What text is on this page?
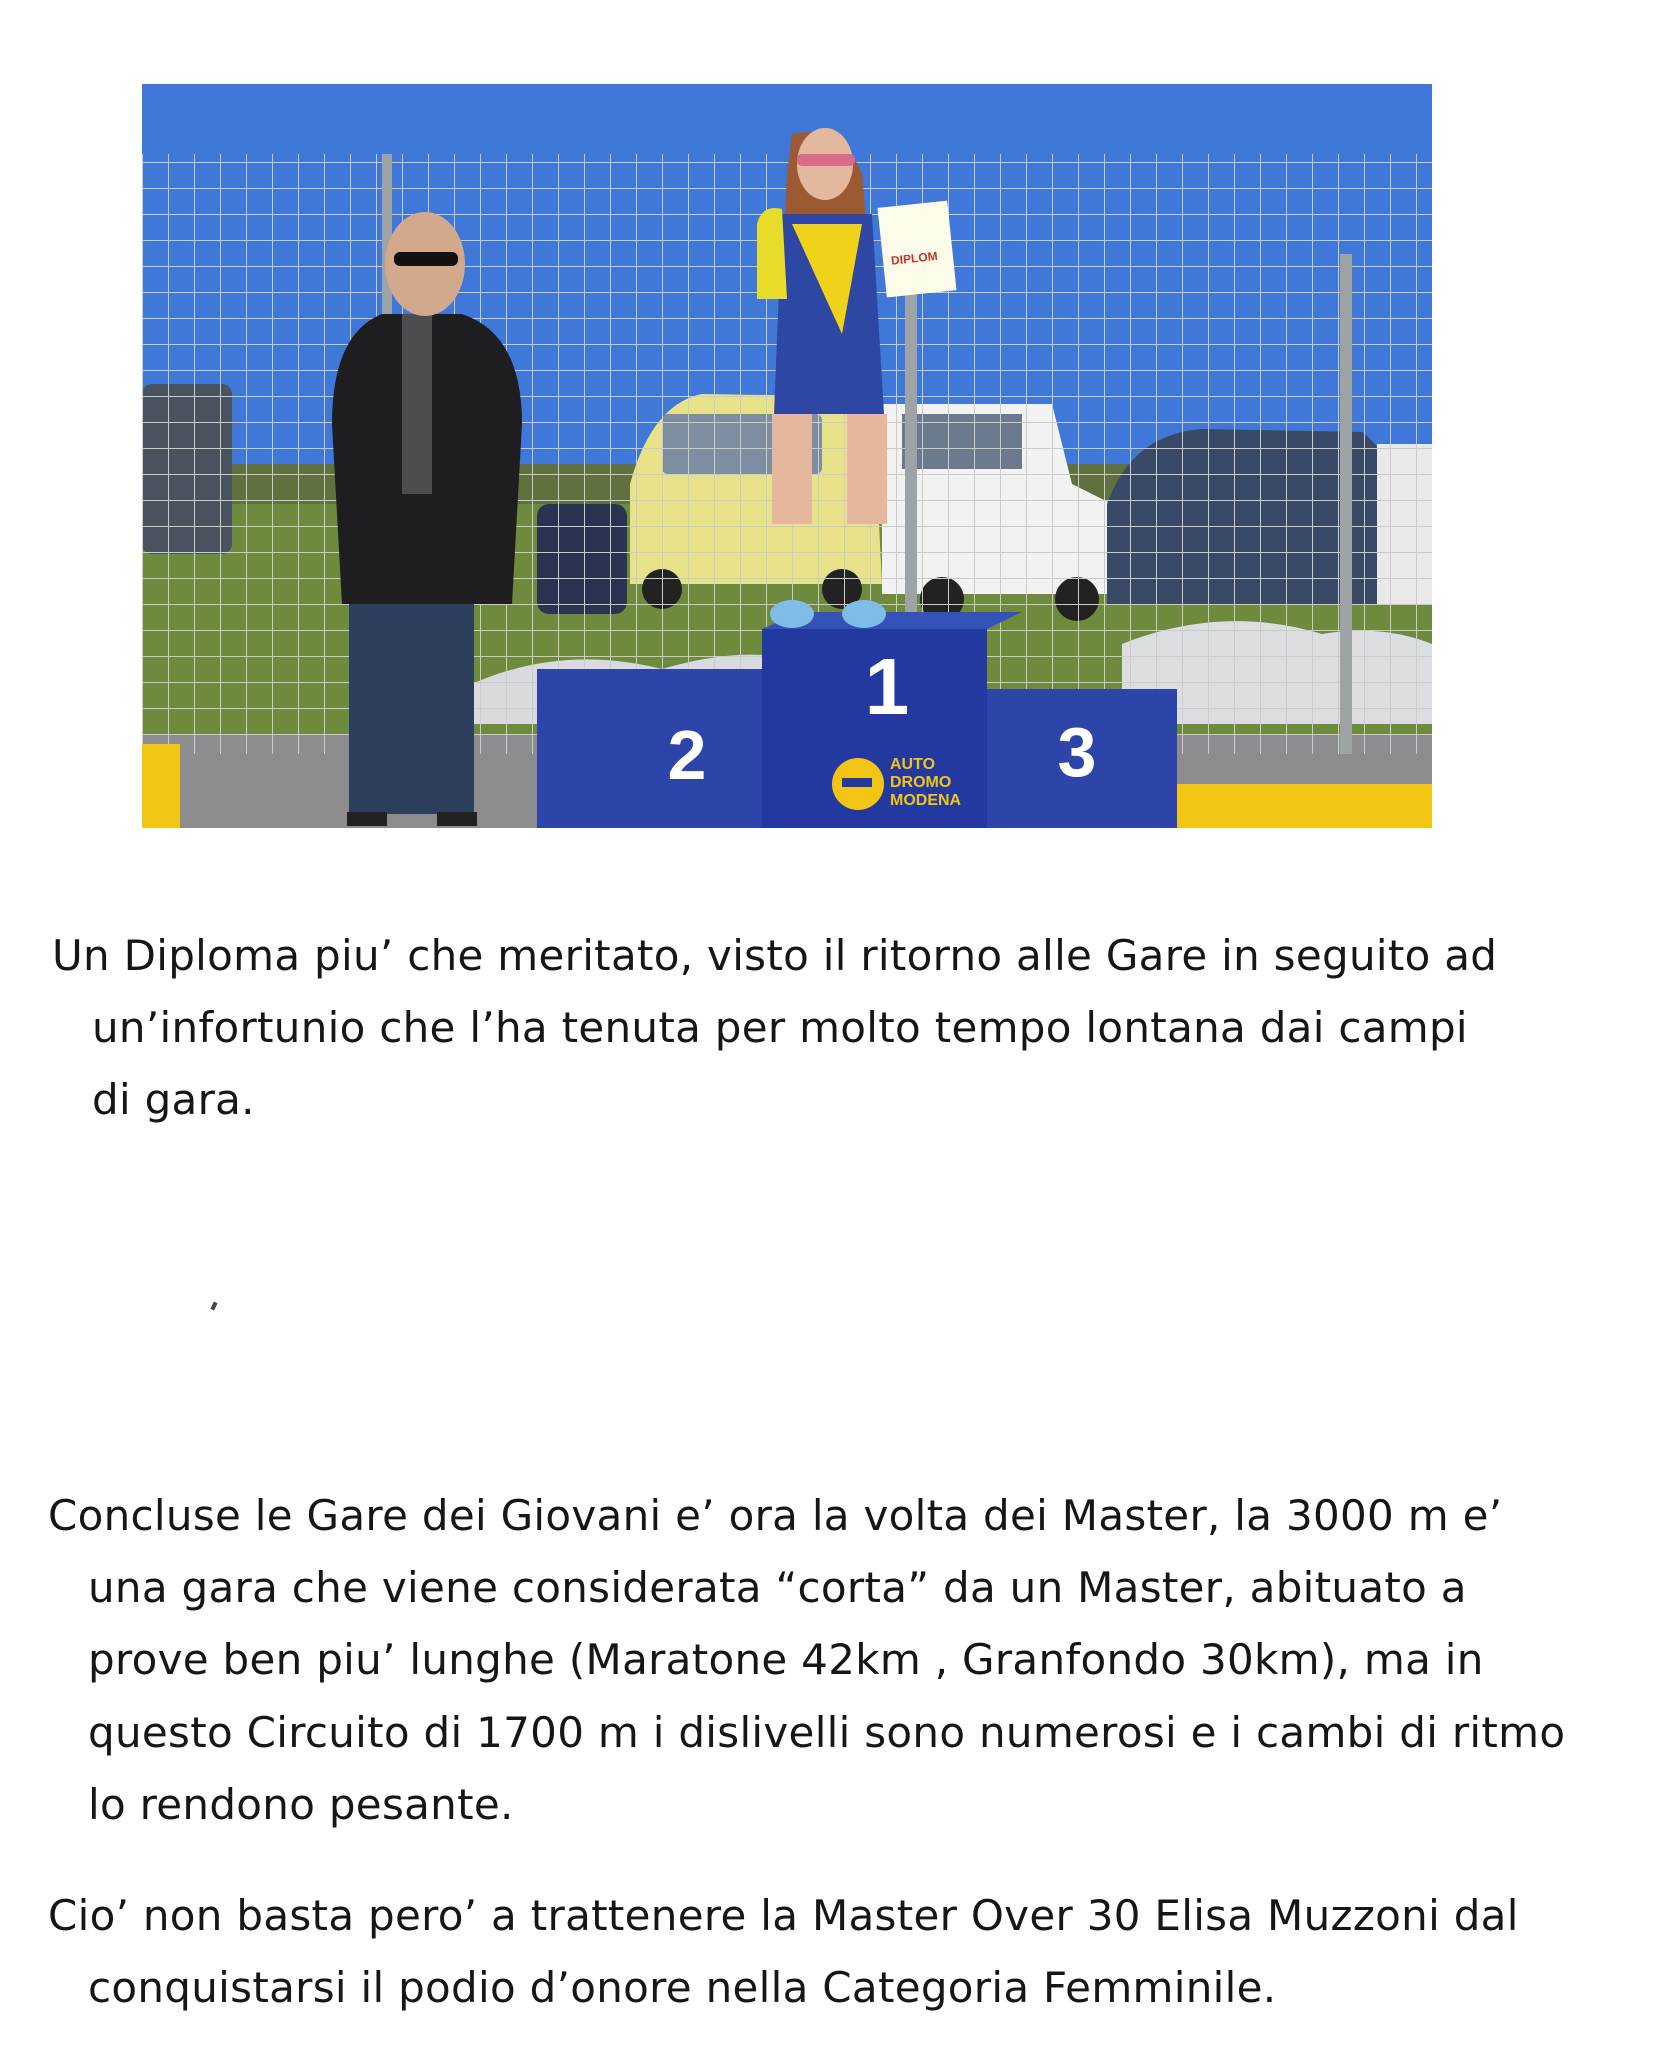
2
1
3
AUTO
DROMO
MODENA
DIPLOM

Un Diploma piu’ che meritato, visto il ritorno alle Gare in seguito ad un’infortunio che l’ha tenuta per molto tempo lontana dai campi di gara.

Concluse le Gare dei Giovani e’ ora la volta dei Master, la 3000 m e’ una gara che viene considerata “corta” da un Master, abituato a prove ben piu’ lunghe (Maratone 42km , Granfondo 30km), ma in questo Circuito di 1700 m i dislivelli sono numerosi e i cambi di ritmo lo rendono pesante.

Cio’ non basta pero’ a trattenere la Master Over 30 Elisa Muzzoni dal conquistarsi il podio d’onore nella Categoria Femminile.
